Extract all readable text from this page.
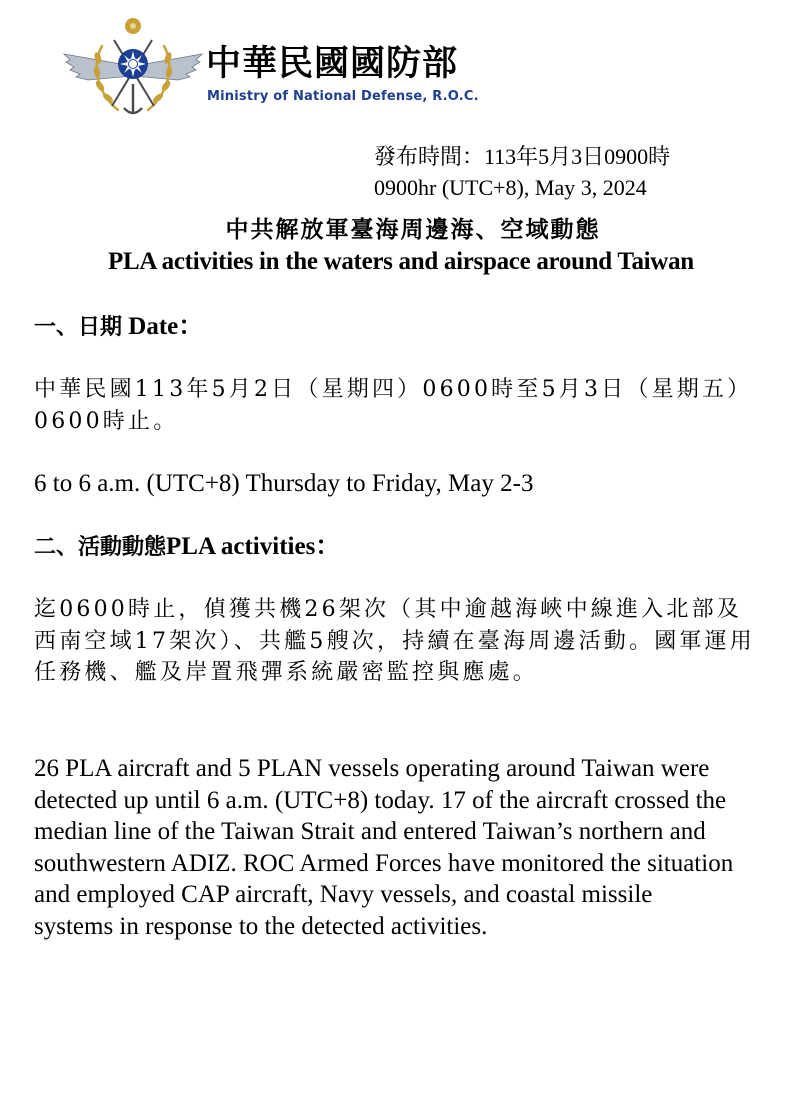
中華民國國防部
Ministry of National Defense, R.O.C.
發布時間：113年5月3日0900時
0900hr (UTC+8), May 3, 2024
中共解放軍臺海周邊海、空域動態
PLA activities in the waters and airspace around Taiwan
一、日期 Date：
中華民國113年5月2日（星期四）0600時至5月3日（星期五）0600時止。
6 to 6 a.m. (UTC+8) Thursday to Friday, May 2-3
二、活動動態PLA activities：
迄0600時止，偵獲共機26架次（其中逾越海峽中線進入北部及西南空域17架次）、共艦5艘次，持續在臺海周邊活動。國軍運用任務機、艦及岸置飛彈系統嚴密監控與應處。
26 PLA aircraft and 5 PLAN vessels operating around Taiwan were detected up until 6 a.m. (UTC+8) today. 17 of the aircraft crossed the median line of the Taiwan Strait and entered Taiwan’s northern and southwestern ADIZ. ROC Armed Forces have monitored the situation and employed CAP aircraft, Navy vessels, and coastal missile systems in response to the detected activities.
